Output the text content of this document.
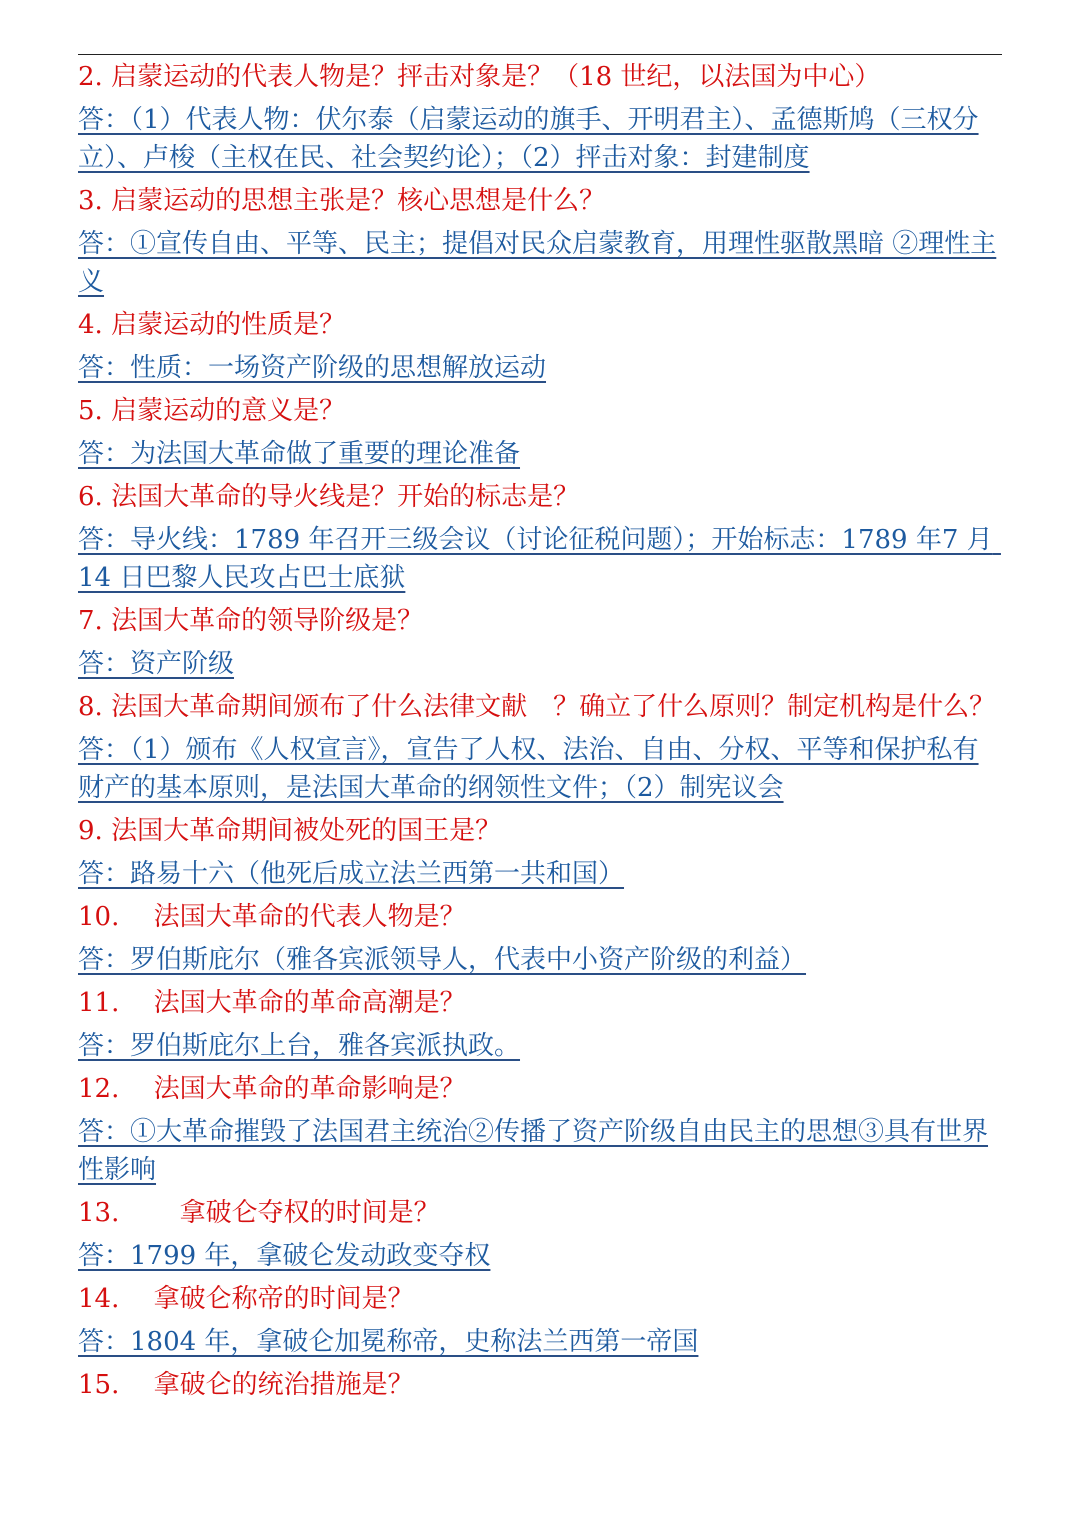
2. 启蒙运动的代表人物是？抨击对象是？（18 世纪，以法国为中心）
答：（1）代表人物：伏尔泰（启蒙运动的旗手、开明君主）、孟德斯鸠（三权分立）、卢梭（主权在民、社会契约论）；（2）抨击对象：封建制度
3. 启蒙运动的思想主张是？核心思想是什么？
答：①宣传自由、平等、民主；提倡对民众启蒙教育，用理性驱散黑暗 ②理性主义
4. 启蒙运动的性质是？
答：性质：一场资产阶级的思想解放运动
5. 启蒙运动的意义是？
答：为法国大革命做了重要的理论准备
6. 法国大革命的导火线是？开始的标志是？
答：导火线：1789 年召开三级会议（讨论征税问题）；开始标志：1789 年7 月 14 日巴黎人民攻占巴士底狱
7. 法国大革命的领导阶级是？
答：资产阶级
8. 法国大革命期间颁布了什么法律文献　？确立了什么原则？制定机构是什么？
答：（1）颁布《人权宣言》，宣告了人权、法治、自由、分权、平等和保护私有财产的基本原则，是法国大革命的纲领性文件；（2）制宪议会
9. 法国大革命期间被处死的国王是？
答：路易十六（他死后成立法兰西第一共和国）
10.　 法国大革命的代表人物是？
答：罗伯斯庇尔（雅各宾派领导人，代表中小资产阶级的利益）
11.　 法国大革命的革命高潮是？
答：罗伯斯庇尔上台，雅各宾派执政。
12.　 法国大革命的革命影响是？
答：①大革命摧毁了法国君主统治②传播了资产阶级自由民主的思想③具有世界性影响
13.　　 拿破仑夺权的时间是？
答：1799 年，拿破仑发动政变夺权
14.　 拿破仑称帝的时间是？
答：1804 年，拿破仑加冕称帝，史称法兰西第一帝国
15.　 拿破仑的统治措施是？
